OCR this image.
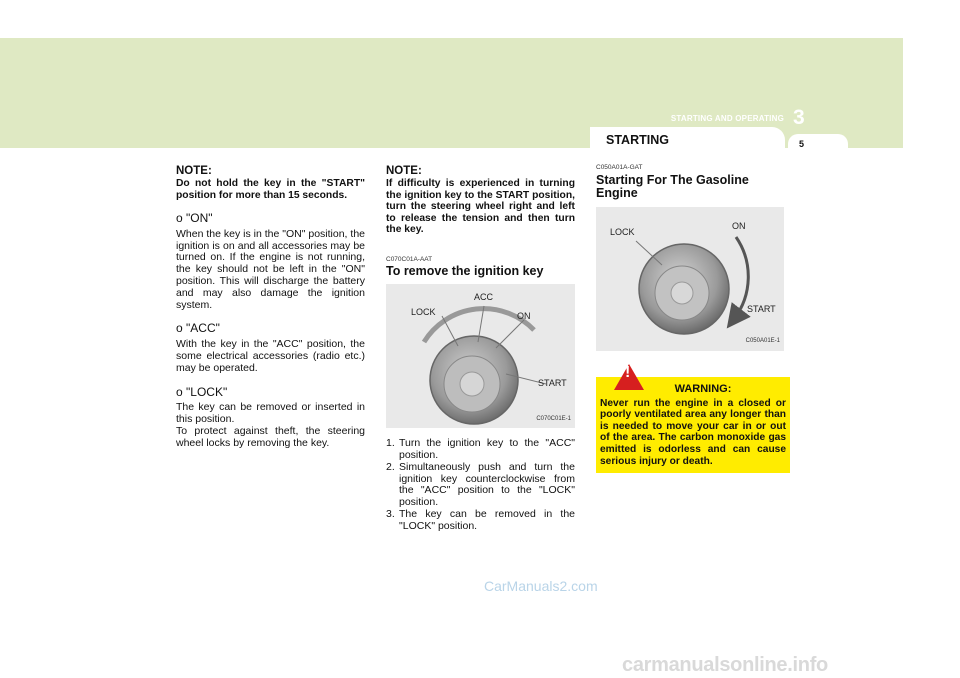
STARTING AND OPERATING 3
STARTING	5
NOTE:
Do not hold the key in the "START" position for more than 15 seconds.
o "ON"
When the key is in the "ON" position, the ignition is on and all accessories may be turned on. If the engine is not running, the key should not be left in the "ON" position. This will discharge the battery and may also damage the ignition system.
o "ACC"
With the key in the "ACC" position, the some electrical accessories (radio etc.) may be operated.
o "LOCK"
The key can be removed or inserted in this position.
To protect against theft, the steering wheel locks by removing the key.
NOTE:
If difficulty is experienced in turning the ignition key to the START position, turn the steering wheel right and left to release the tension and then turn the key.
C070C01A-AAT
To remove the ignition key
LOCK
ACC
ON
START
C070C01E-1
1. Turn the ignition key to the "ACC" position.
2. Simultaneously push and turn the ignition key counterclockwise from the "ACC" position to the "LOCK" position.
3. The key can be removed in the "LOCK" position.
C050A01A-GAT
Starting For The Gasoline Engine
LOCK
ON
START
C050A01E-1
!
WARNING:
Never run the engine in a closed or poorly ventilated area any longer than is needed to move your car in or out of the area. The carbon monoxide gas emitted is odorless and can cause serious injury or death.
CarManuals2.com
carmanualsonline.info
